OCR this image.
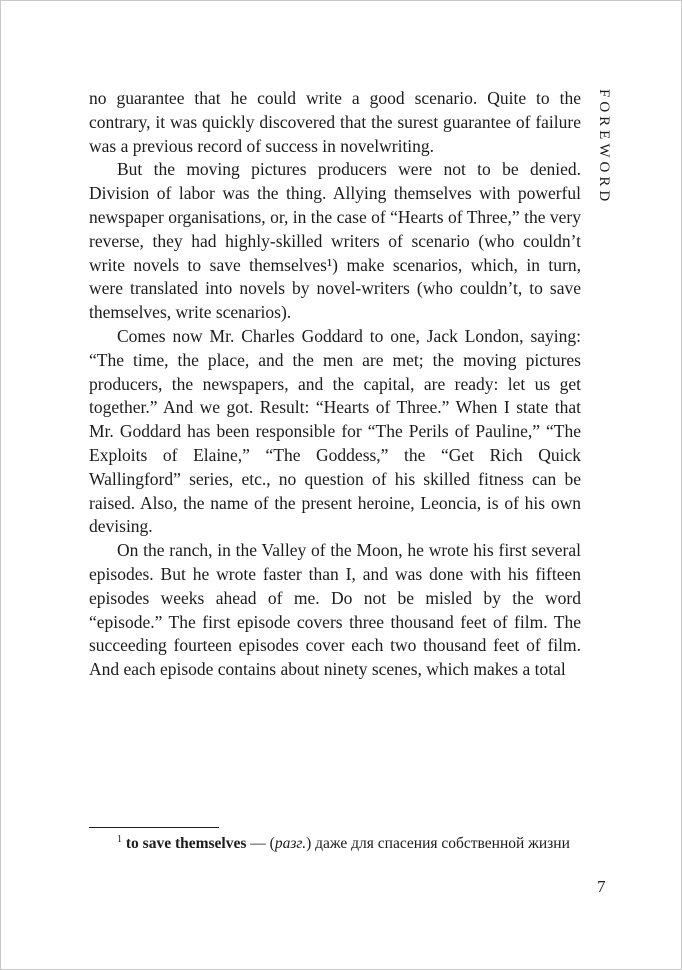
FOREWORD

no guarantee that he could write a good scenario. Quite to the contrary, it was quickly discovered that the surest guarantee of failure was a previous record of success in novelwriting.

But the moving pictures producers were not to be denied. Division of labor was the thing. Allying themselves with powerful newspaper organisations, or, in the case of “Hearts of Three,” the very reverse, they had highly-skilled writers of scenario (who couldn’t write novels to save themselves¹) make scenarios, which, in turn, were translated into novels by novel-writers (who couldn’t, to save themselves, write scenarios).

Comes now Mr. Charles Goddard to one, Jack London, saying: “The time, the place, and the men are met; the moving pictures producers, the newspapers, and the capital, are ready: let us get together.” And we got. Result: “Hearts of Three.” When I state that Mr. Goddard has been responsible for “The Perils of Pauline,” “The Exploits of Elaine,” “The Goddess,” the “Get Rich Quick Wallingford” series, etc., no question of his skilled fitness can be raised. Also, the name of the present heroine, Leoncia, is of his own devising.

On the ranch, in the Valley of the Moon, he wrote his first several episodes. But he wrote faster than I, and was done with his fifteen episodes weeks ahead of me. Do not be misled by the word “episode.” The first episode covers three thousand feet of film. The succeeding fourteen episodes cover each two thousand feet of film. And each episode contains about ninety scenes, which makes a total

$^1$ to save themselves — (разг.) даже для спасения собственной жизни

7
